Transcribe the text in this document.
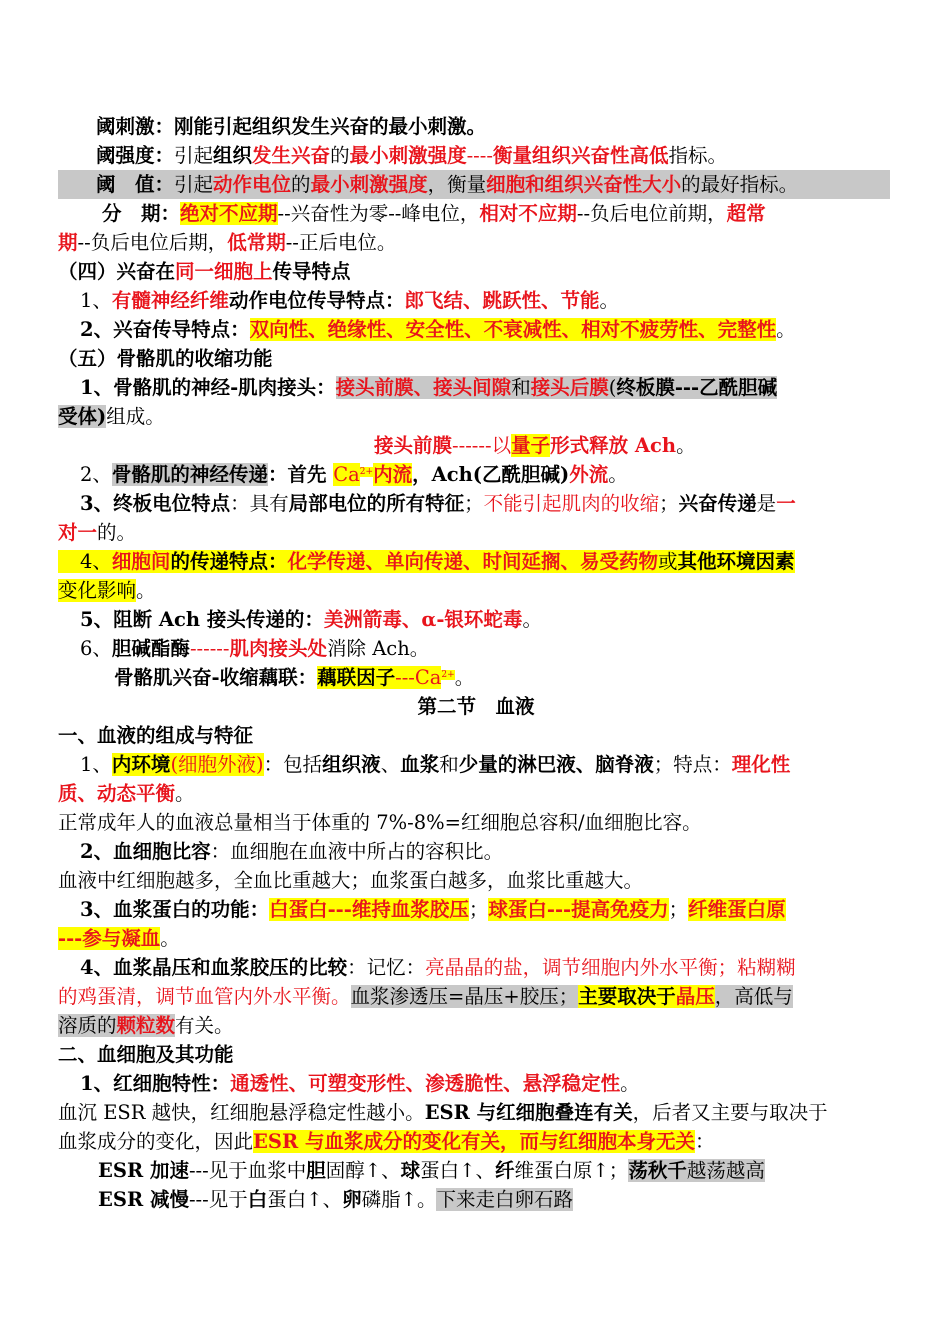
阈刺激：刚能引起组织发生兴奋的最小刺激。
阈强度：引起组织发生兴奋的最小刺激强度----衡量组织兴奋性高低指标。
阈　值：引起动作电位的最小刺激强度，衡量细胞和组织兴奋性大小的最好指标。
分　期：绝对不应期--兴奋性为零--峰电位，相对不应期--负后电位前期，超常
期--负后电位后期，低常期--正后电位。
（四）兴奋在同一细胞上传导特点
1、有髓神经纤维动作电位传导特点：郎飞结、跳跃性、节能。
2、兴奋传导特点：双向性、绝缘性、安全性、不衰减性、相对不疲劳性、完整性。
（五）骨骼肌的收缩功能
1、骨骼肌的神经-肌肉接头：接头前膜、接头间隙和接头后膜(终板膜---乙酰胆碱
受体)组成。
接头前膜------以量子形式释放 Ach。
2、骨骼肌的神经传递：首先 $Ca^{2+}$内流，Ach(乙酰胆碱)外流。
3、终板电位特点：具有局部电位的所有特征；不能引起肌肉的收缩；兴奋传递是一
对一的。
4、细胞间的传递特点：化学传递、单向传递、时间延搁、易受药物或其他环境因素
变化影响。
5、阻断 Ach 接头传递的：美洲箭毒、α-银环蛇毒。
6、胆碱酯酶------肌肉接头处消除 Ach。
骨骼肌兴奋-收缩藕联：藕联因子$---Ca^{2+}$。
第二节　血液
一、血液的组成与特征
1、内环境(细胞外液)：包括组织液、血浆和少量的淋巴液、脑脊液；特点：理化性
质、动态平衡。
正常成年人的血液总量相当于体重的 7%-8%=红细胞总容积/血细胞比容。
2、血细胞比容：血细胞在血液中所占的容积比。
血液中红细胞越多，全血比重越大；血浆蛋白越多，血浆比重越大。
3、血浆蛋白的功能：白蛋白---维持血浆胶压；球蛋白---提高免疫力；纤维蛋白原
---参与凝血。
4、血浆晶压和血浆胶压的比较：记忆：亮晶晶的盐，调节细胞内外水平衡；粘糊糊
的鸡蛋清，调节血管内外水平衡。血浆渗透压=晶压+胶压；主要取决于晶压，高低与
溶质的颗粒数有关。
二、血细胞及其功能
1、红细胞特性：通透性、可塑变形性、渗透脆性、悬浮稳定性。
血沉 ESR 越快，红细胞悬浮稳定性越小。ESR 与红细胞叠连有关，后者又主要与取决于
血浆成分的变化，因此ESR 与血浆成分的变化有关，而与红细胞本身无关：
ESR 加速---见于血浆中胆固醇↑、球蛋白↑、纤维蛋白原↑；荡秋千越荡越高
ESR 减慢---见于白蛋白↑、卵磷脂↑。下来走白卵石路
